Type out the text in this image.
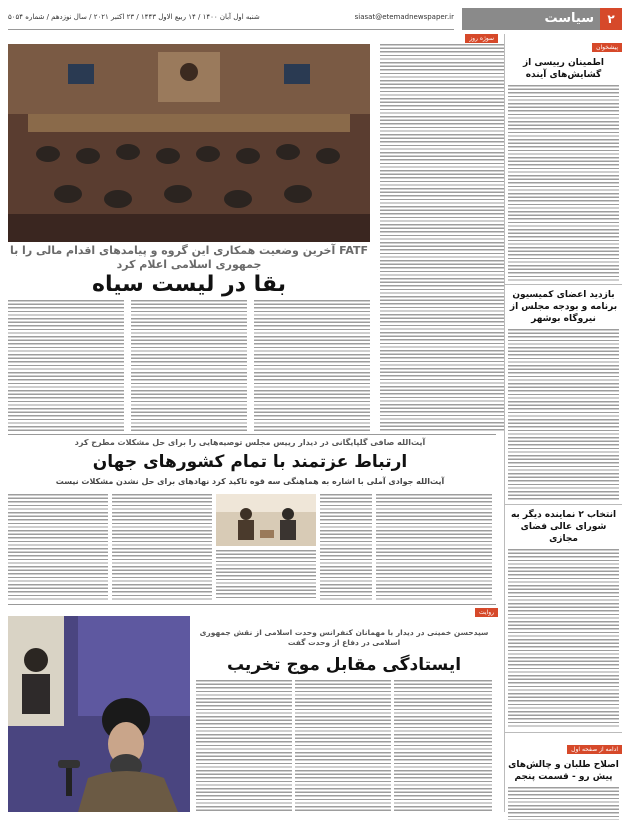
۲
سیاست
siasat@etemadnewspaper.ir
شنبه اول آبان ۱۴۰۰ / ۱۴ ربیع الاول ۱۴۴۳ / ۲۳ اکتبر ۲۰۲۱ / سال نوزدهم / شماره ۵۰۵۴
پیشخوان
اطمینان رییسی از گشایش‌های آینده
بازدید اعضای کمیسیون برنامه و بودجه مجلس از نیروگاه بوشهر
انتخاب ۲ نماینده دیگر به شورای عالی فضای مجازی
ادامه از صفحه اول
اصلاح طلبان و چالش‌های پیش رو - قسمت پنجم
سوژه روز
FATF آخرین وضعیت همکاری این گروه و پیامدهای اقدام مالی را با جمهوری اسلامی اعلام کرد
بقا در لیست سیاه
آیت‌الله صافی گلپایگانی در دیدار رییس مجلس توصیه‌هایی را برای حل مشکلات مطرح کرد
ارتباط عزتمند با تمام کشورهای جهان
آیت‌الله جوادی آملی با اشاره به هماهنگی سه قوه تاکید کرد نهادهای برای حل نشدن مشکلات نیست
روایت
سیدحسن خمینی در دیدار با مهمانان کنفرانس وحدت اسلامی از نقش جمهوری اسلامی در دفاع از وحدت گفت
ایستادگی مقابل موج تخریب
